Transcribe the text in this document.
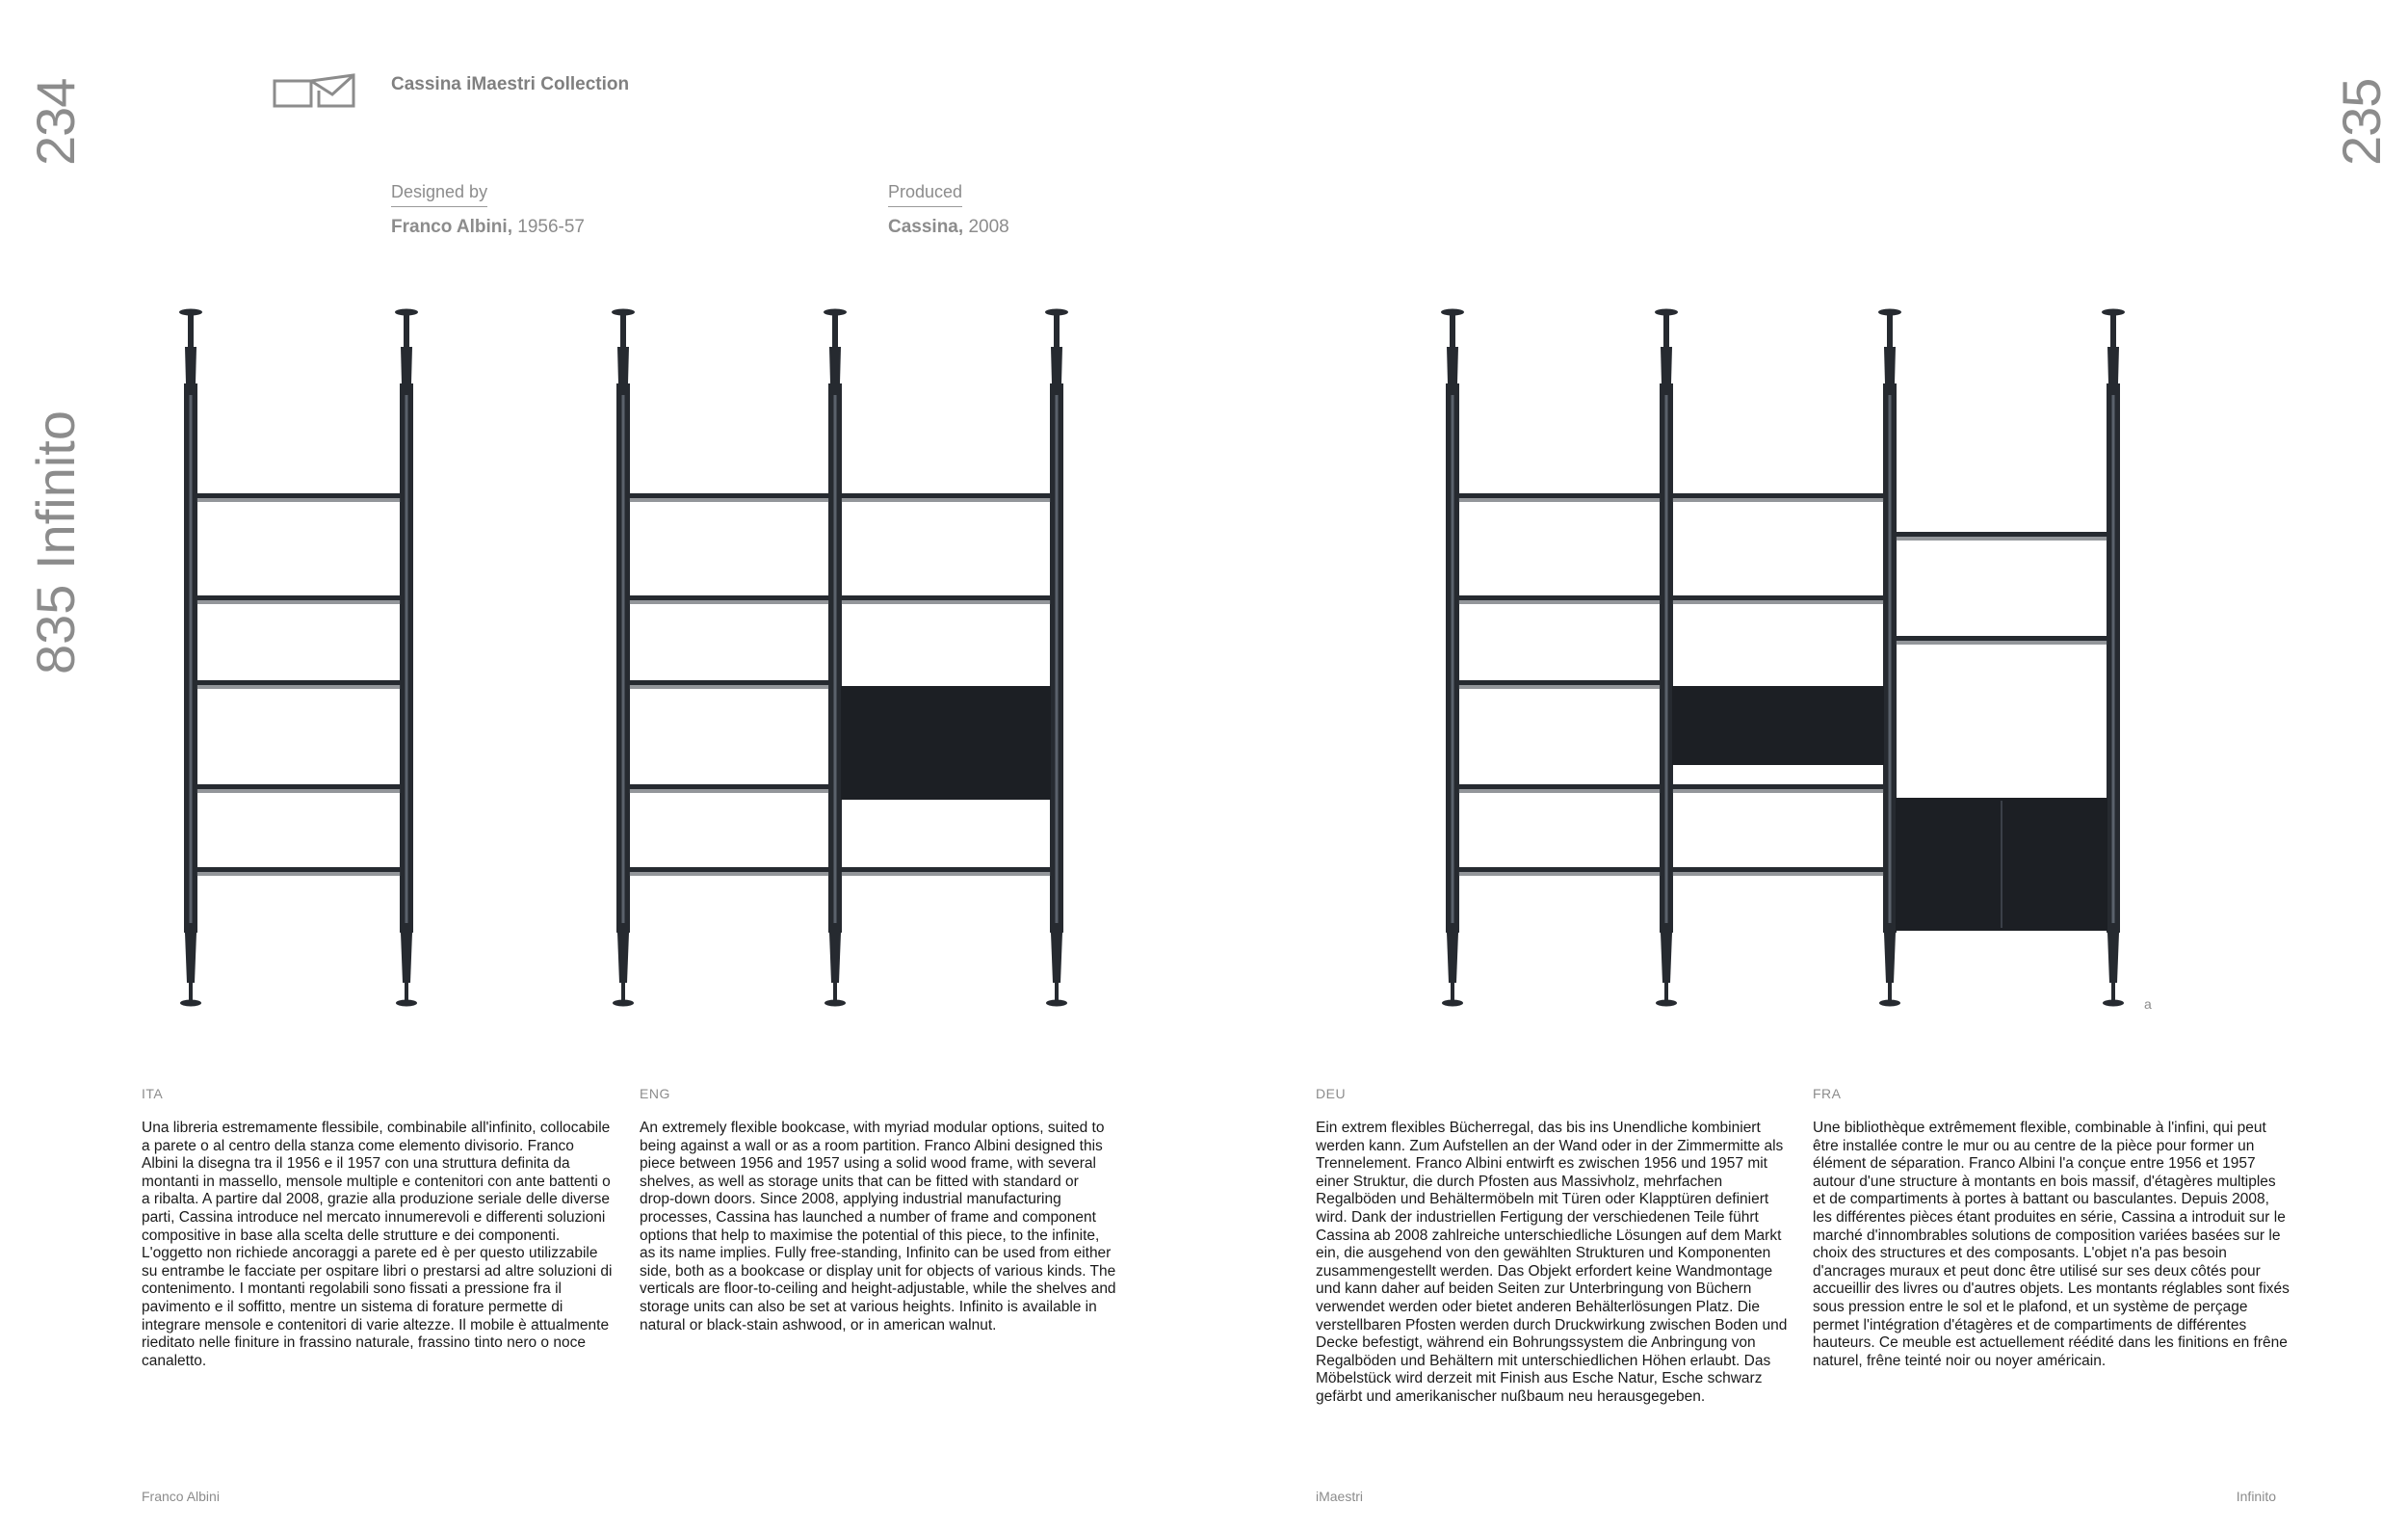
234
835 Infinito
Cassina iMaestri Collection
Designed by
Franco Albini, 1956-57
Produced
Cassina, 2008
235
a
ITA
Una libreria estremamente flessibile, combinabile all'infinito, collocabile a parete o al centro della stanza come elemento divisorio. Franco Albini la disegna tra il 1956 e il 1957 con una struttura definita da montanti in massello, mensole multiple e contenitori con ante battenti o a ribalta. A partire dal 2008, grazie alla produzione seriale delle diverse parti, Cassina introduce nel mercato innumerevoli e differenti soluzioni compositive in base alla scelta delle strutture e dei componenti. L'oggetto non richiede ancoraggi a parete ed è per questo utilizzabile su entrambe le facciate per ospitare libri o prestarsi ad altre soluzioni di contenimento. I montanti regolabili sono fissati a pressione fra il pavimento e il soffitto, mentre un sistema di forature permette di integrare mensole e contenitori di varie altezze. Il mobile è attualmente rieditato nelle finiture in frassino naturale, frassino tinto nero o noce canaletto.
ENG
An extremely flexible bookcase, with myriad modular options, suited to being against a wall or as a room partition. Franco Albini designed this piece between 1956 and 1957 using a solid wood frame, with several shelves, as well as storage units that can be fitted with standard or drop-down doors. Since 2008, applying industrial manufacturing processes, Cassina has launched a number of frame and component options that help to maximise the potential of this piece, to the infinite, as its name implies. Fully free-standing, Infinito can be used from either side, both as a bookcase or display unit for objects of various kinds. The verticals are floor-to-ceiling and height-adjustable, while the shelves and storage units can also be set at various heights. Infinito is available in natural or black-stain ashwood, or in american walnut.
DEU
Ein extrem flexibles Bücherregal, das bis ins Unendliche kombiniert werden kann. Zum Aufstellen an der Wand oder in der Zimmermitte als Trennelement. Franco Albini entwirft es zwischen 1956 und 1957 mit einer Struktur, die durch Pfosten aus Massivholz, mehrfachen Regalböden und Behältermöbeln mit Türen oder Klapptüren definiert wird. Dank der industriellen Fertigung der verschiedenen Teile führt Cassina ab 2008 zahlreiche unterschiedliche Lösungen auf dem Markt ein, die ausgehend von den gewählten Strukturen und Komponenten zusammengestellt werden. Das Objekt erfordert keine Wandmontage und kann daher auf beiden Seiten zur Unterbringung von Büchern verwendet werden oder bietet anderen Behälterlösungen Platz. Die verstellbaren Pfosten werden durch Druckwirkung zwischen Boden und Decke befestigt, während ein Bohrungssystem die Anbringung von Regalböden und Behältern mit unterschiedlichen Höhen erlaubt. Das Möbelstück wird derzeit mit Finish aus Esche Natur, Esche schwarz gefärbt und amerikanischer nußbaum neu herausgegeben.
FRA
Une bibliothèque extrêmement flexible, combinable à l'infini, qui peut être installée contre le mur ou au centre de la pièce pour former un élément de séparation. Franco Albini l'a conçue entre 1956 et 1957 autour d'une structure à montants en bois massif, d'étagères multiples et de compartiments à portes à battant ou basculantes. Depuis 2008, les différentes pièces étant produites en série, Cassina a introduit sur le marché d'innombrables solutions de composition variées basées sur le choix des structures et des composants. L'objet n'a pas besoin d'ancrages muraux et peut donc être utilisé sur ses deux côtés pour accueillir des livres ou d'autres objets. Les montants réglables sont fixés sous pression entre le sol et le plafond, et un système de perçage permet l'intégration d'étagères et de compartiments de différentes hauteurs. Ce meuble est actuellement réédité dans les finitions en frêne naturel, frêne teinté noir ou noyer américain.
Franco Albini	iMaestri	Infinito
